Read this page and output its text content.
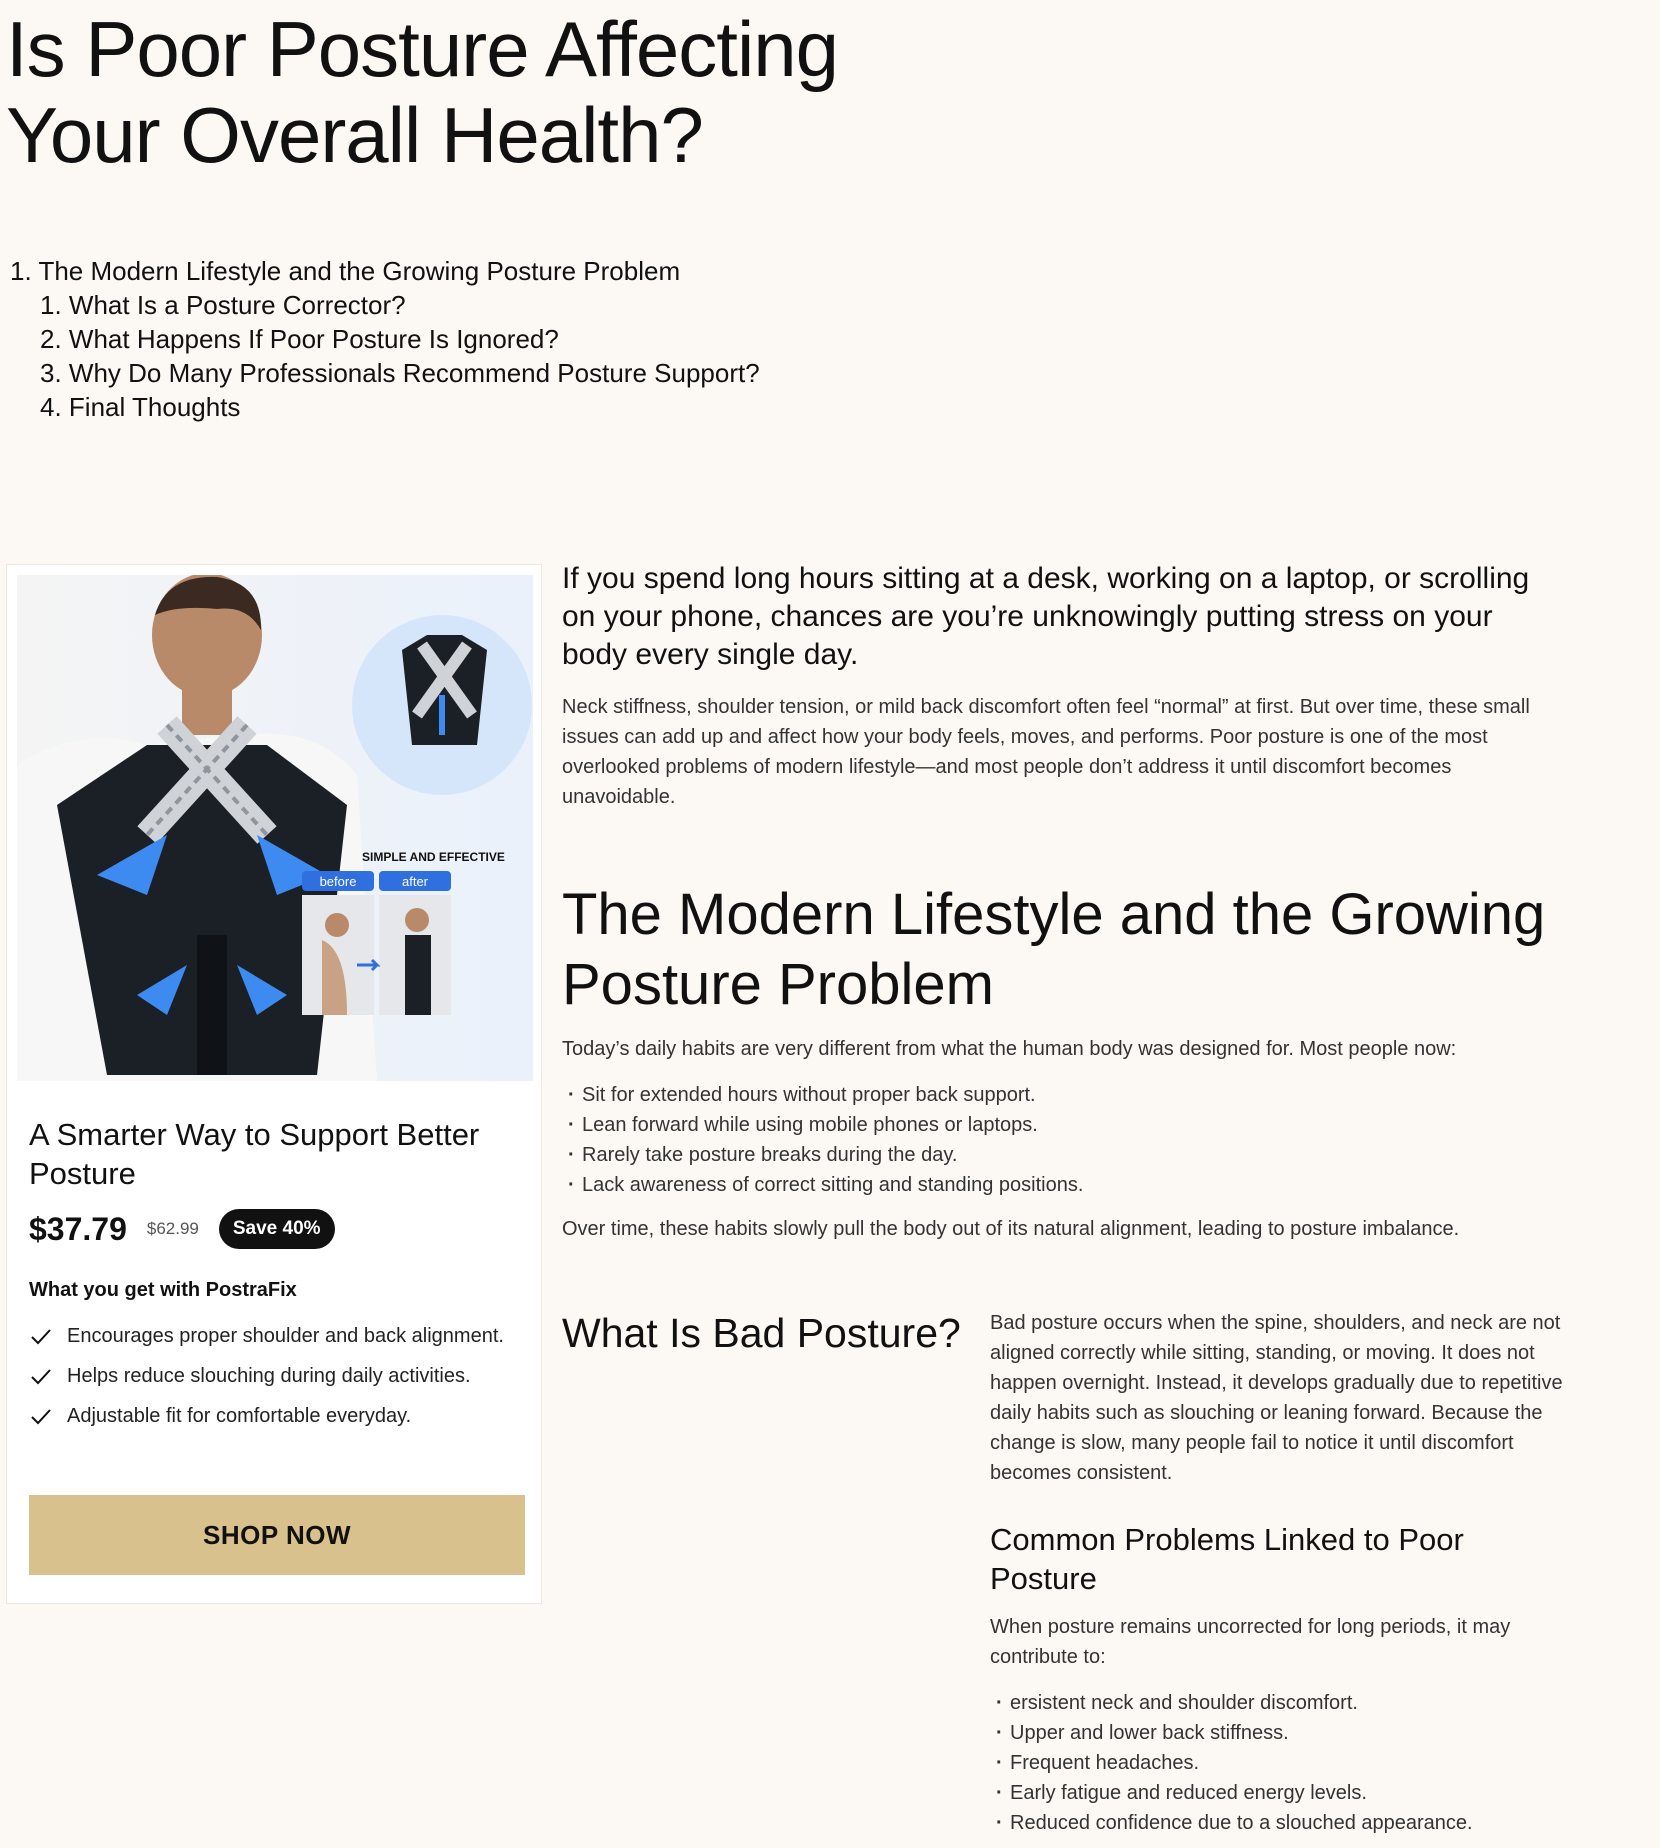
Is Poor Posture Affecting
Your Overall Health?
1. The Modern Lifestyle and the Growing Posture Problem
1. What Is a Posture Corrector?
2. What Happens If Poor Posture Is Ignored?
3. Why Do Many Professionals Recommend Posture Support?
4. Final Thoughts
SIMPLE AND EFFECTIVE
before	after
A Smarter Way to Support Better Posture
$37.79 $62.99	Save 40%
What you get with PostraFix
Encourages proper shoulder and back alignment.
Helps reduce slouching during daily activities.
Adjustable fit for comfortable everyday.
SHOP NOW

If you spend long hours sitting at a desk, working on a laptop, or scrolling on your phone, chances are you’re unknowingly putting stress on your body every single day.

Neck stiffness, shoulder tension, or mild back discomfort often feel “normal” at first. But over time, these small issues can add up and affect how your body feels, moves, and performs. Poor posture is one of the most overlooked problems of modern lifestyle—and most people don’t address it until discomfort becomes unavoidable.

The Modern Lifestyle and the Growing Posture Problem

Today’s daily habits are very different from what the human body was designed for. Most people now:

· Sit for extended hours without proper back support.
· Lean forward while using mobile phones or laptops.
· Rarely take posture breaks during the day.
· Lack awareness of correct sitting and standing positions.

Over time, these habits slowly pull the body out of its natural alignment, leading to posture imbalance.

What Is Bad Posture? Bad posture occurs when the spine, shoulders, and neck are not aligned correctly while sitting, standing, or moving. It does not happen overnight. Instead, it develops gradually due to repetitive daily habits such as slouching or leaning forward. Because the change is slow, many people fail to notice it until discomfort becomes consistent.

Common Problems Linked to Poor Posture

When posture remains uncorrected for long periods, it may contribute to:

· ersistent neck and shoulder discomfort.
· Upper and lower back stiffness.
· Frequent headaches.
· Early fatigue and reduced energy levels.
· Reduced confidence due to a slouched appearance.
